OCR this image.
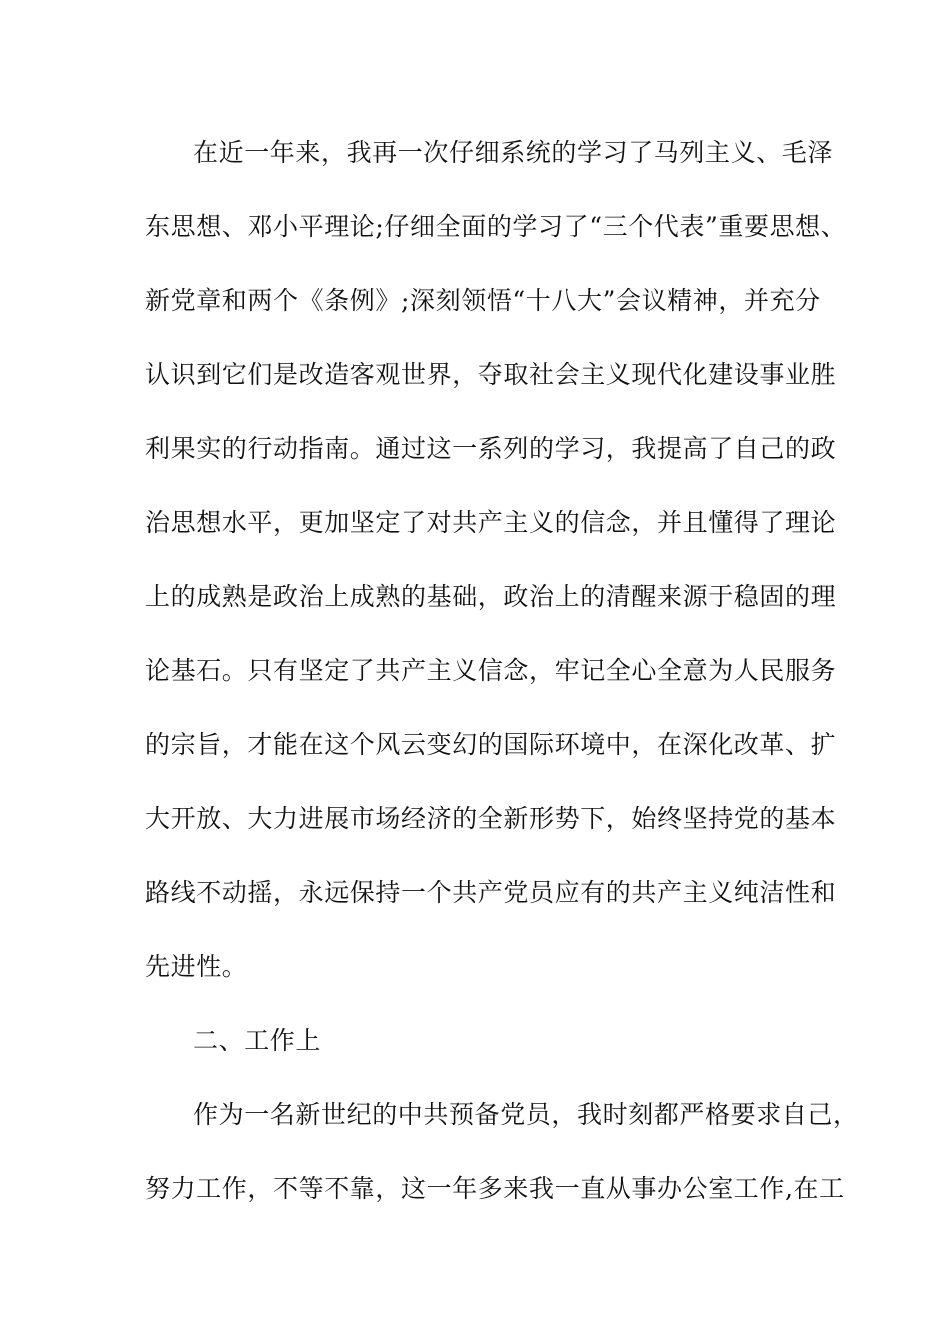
在近一年来，我再一次仔细系统的学习了马列主义、毛泽
东思想、邓小平理论;仔细全面的学习了“三个代表”重要思想、
新党章和两个《条例》;深刻领悟“十八大”会议精神，并充分
认识到它们是改造客观世界，夺取社会主义现代化建设事业胜
利果实的行动指南。通过这一系列的学习，我提高了自己的政
治思想水平，更加坚定了对共产主义的信念，并且懂得了理论
上的成熟是政治上成熟的基础，政治上的清醒来源于稳固的理
论基石。只有坚定了共产主义信念，牢记全心全意为人民服务
的宗旨，才能在这个风云变幻的国际环境中，在深化改革、扩
大开放、大力进展市场经济的全新形势下，始终坚持党的基本
路线不动摇，永远保持一个共产党员应有的共产主义纯洁性和
先进性。
二、工作上
作为一名新世纪的中共预备党员，我时刻都严格要求自己，
努力工作，不等不靠，这一年多来我一直从事办公室工作,在工
